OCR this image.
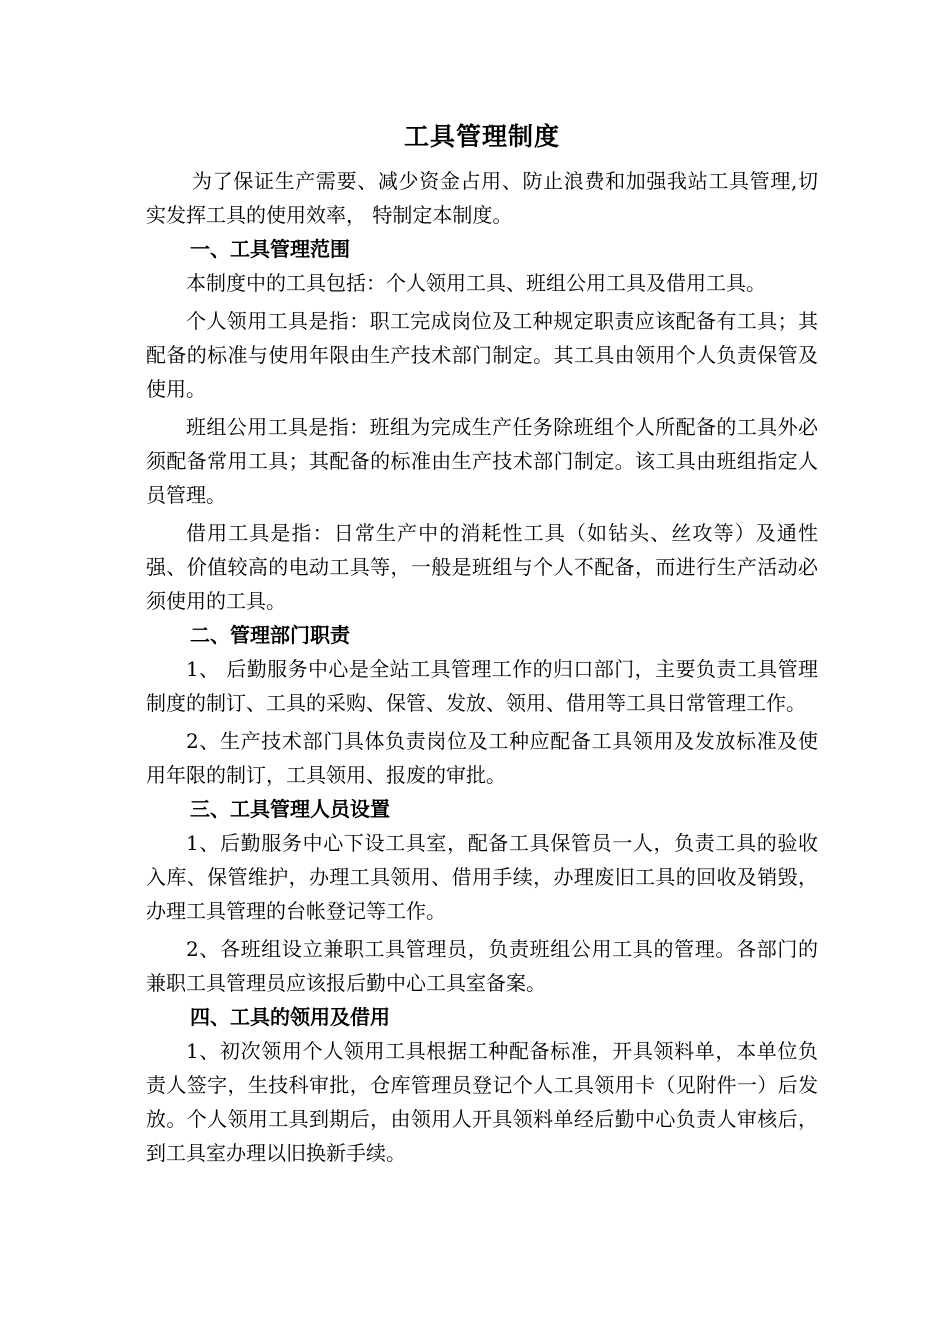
工具管理制度

为了保证生产需要、减少资金占用、防止浪费和加强我站工具管理,切实发挥工具的使用效率， 特制定本制度。

一、工具管理范围

本制度中的工具包括：个人领用工具、班组公用工具及借用工具。

个人领用工具是指：职工完成岗位及工种规定职责应该配备有工具；其配备的标准与使用年限由生产技术部门制定。其工具由领用个人负责保管及使用。

班组公用工具是指：班组为完成生产任务除班组个人所配备的工具外必须配备常用工具；其配备的标准由生产技术部门制定。该工具由班组指定人员管理。

借用工具是指：日常生产中的消耗性工具（如钻头、丝攻等）及通性强、价值较高的电动工具等，一般是班组与个人不配备，而进行生产活动必须使用的工具。

二、管理部门职责

1、 后勤服务中心是全站工具管理工作的归口部门，主要负责工具管理制度的制订、工具的采购、保管、发放、领用、借用等工具日常管理工作。

2、生产技术部门具体负责岗位及工种应配备工具领用及发放标准及使用年限的制订，工具领用、报废的审批。

三、工具管理人员设置

1、后勤服务中心下设工具室，配备工具保管员一人，负责工具的验收入库、保管维护，办理工具领用、借用手续，办理废旧工具的回收及销毁，办理工具管理的台帐登记等工作。

2、各班组设立兼职工具管理员，负责班组公用工具的管理。各部门的兼职工具管理员应该报后勤中心工具室备案。

四、工具的领用及借用

1、初次领用个人领用工具根据工种配备标准，开具领料单，本单位负责人签字，生技科审批，仓库管理员登记个人工具领用卡（见附件一）后发放。个人领用工具到期后，由领用人开具领料单经后勤中心负责人审核后，到工具室办理以旧换新手续。
